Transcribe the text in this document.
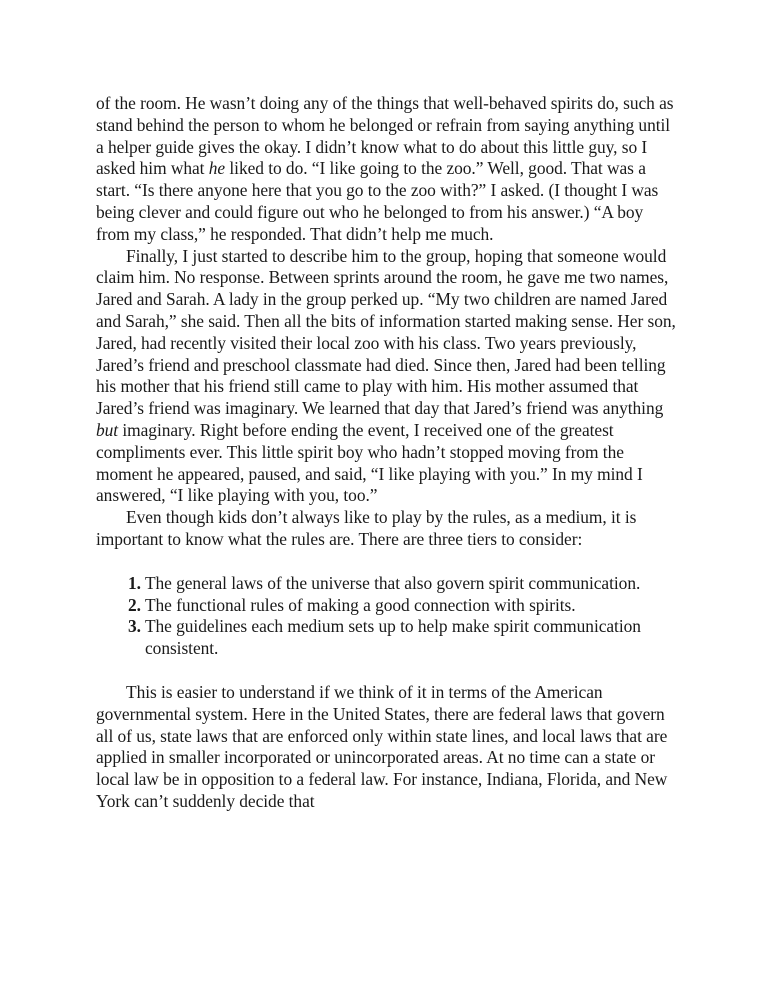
of the room. He wasn’t doing any of the things that well-behaved spirits do, such as stand behind the person to whom he belonged or refrain from saying anything until a helper guide gives the okay. I didn’t know what to do about this little guy, so I asked him what he liked to do. “I like going to the zoo.” Well, good. That was a start. “Is there anyone here that you go to the zoo with?” I asked. (I thought I was being clever and could figure out who he belonged to from his answer.) “A boy from my class,” he responded. That didn’t help me much.

Finally, I just started to describe him to the group, hoping that someone would claim him. No response. Between sprints around the room, he gave me two names, Jared and Sarah. A lady in the group perked up. “My two children are named Jared and Sarah,” she said. Then all the bits of information started making sense. Her son, Jared, had recently visited their local zoo with his class. Two years previously, Jared’s friend and preschool classmate had died. Since then, Jared had been telling his mother that his friend still came to play with him. His mother assumed that Jared’s friend was imaginary. We learned that day that Jared’s friend was anything but imaginary. Right before ending the event, I received one of the greatest compliments ever. This little spirit boy who hadn’t stopped moving from the moment he appeared, paused, and said, “I like playing with you.” In my mind I answered, “I like playing with you, too.”

Even though kids don’t always like to play by the rules, as a medium, it is important to know what the rules are. There are three tiers to consider:

1. The general laws of the universe that also govern spirit communication.
2. The functional rules of making a good connection with spirits.
3. The guidelines each medium sets up to help make spirit communication consistent.

This is easier to understand if we think of it in terms of the American governmental system. Here in the United States, there are federal laws that govern all of us, state laws that are enforced only within state lines, and local laws that are applied in smaller incorporated or unincorporated areas. At no time can a state or local law be in opposition to a federal law. For instance, Indiana, Florida, and New York can’t suddenly decide that
